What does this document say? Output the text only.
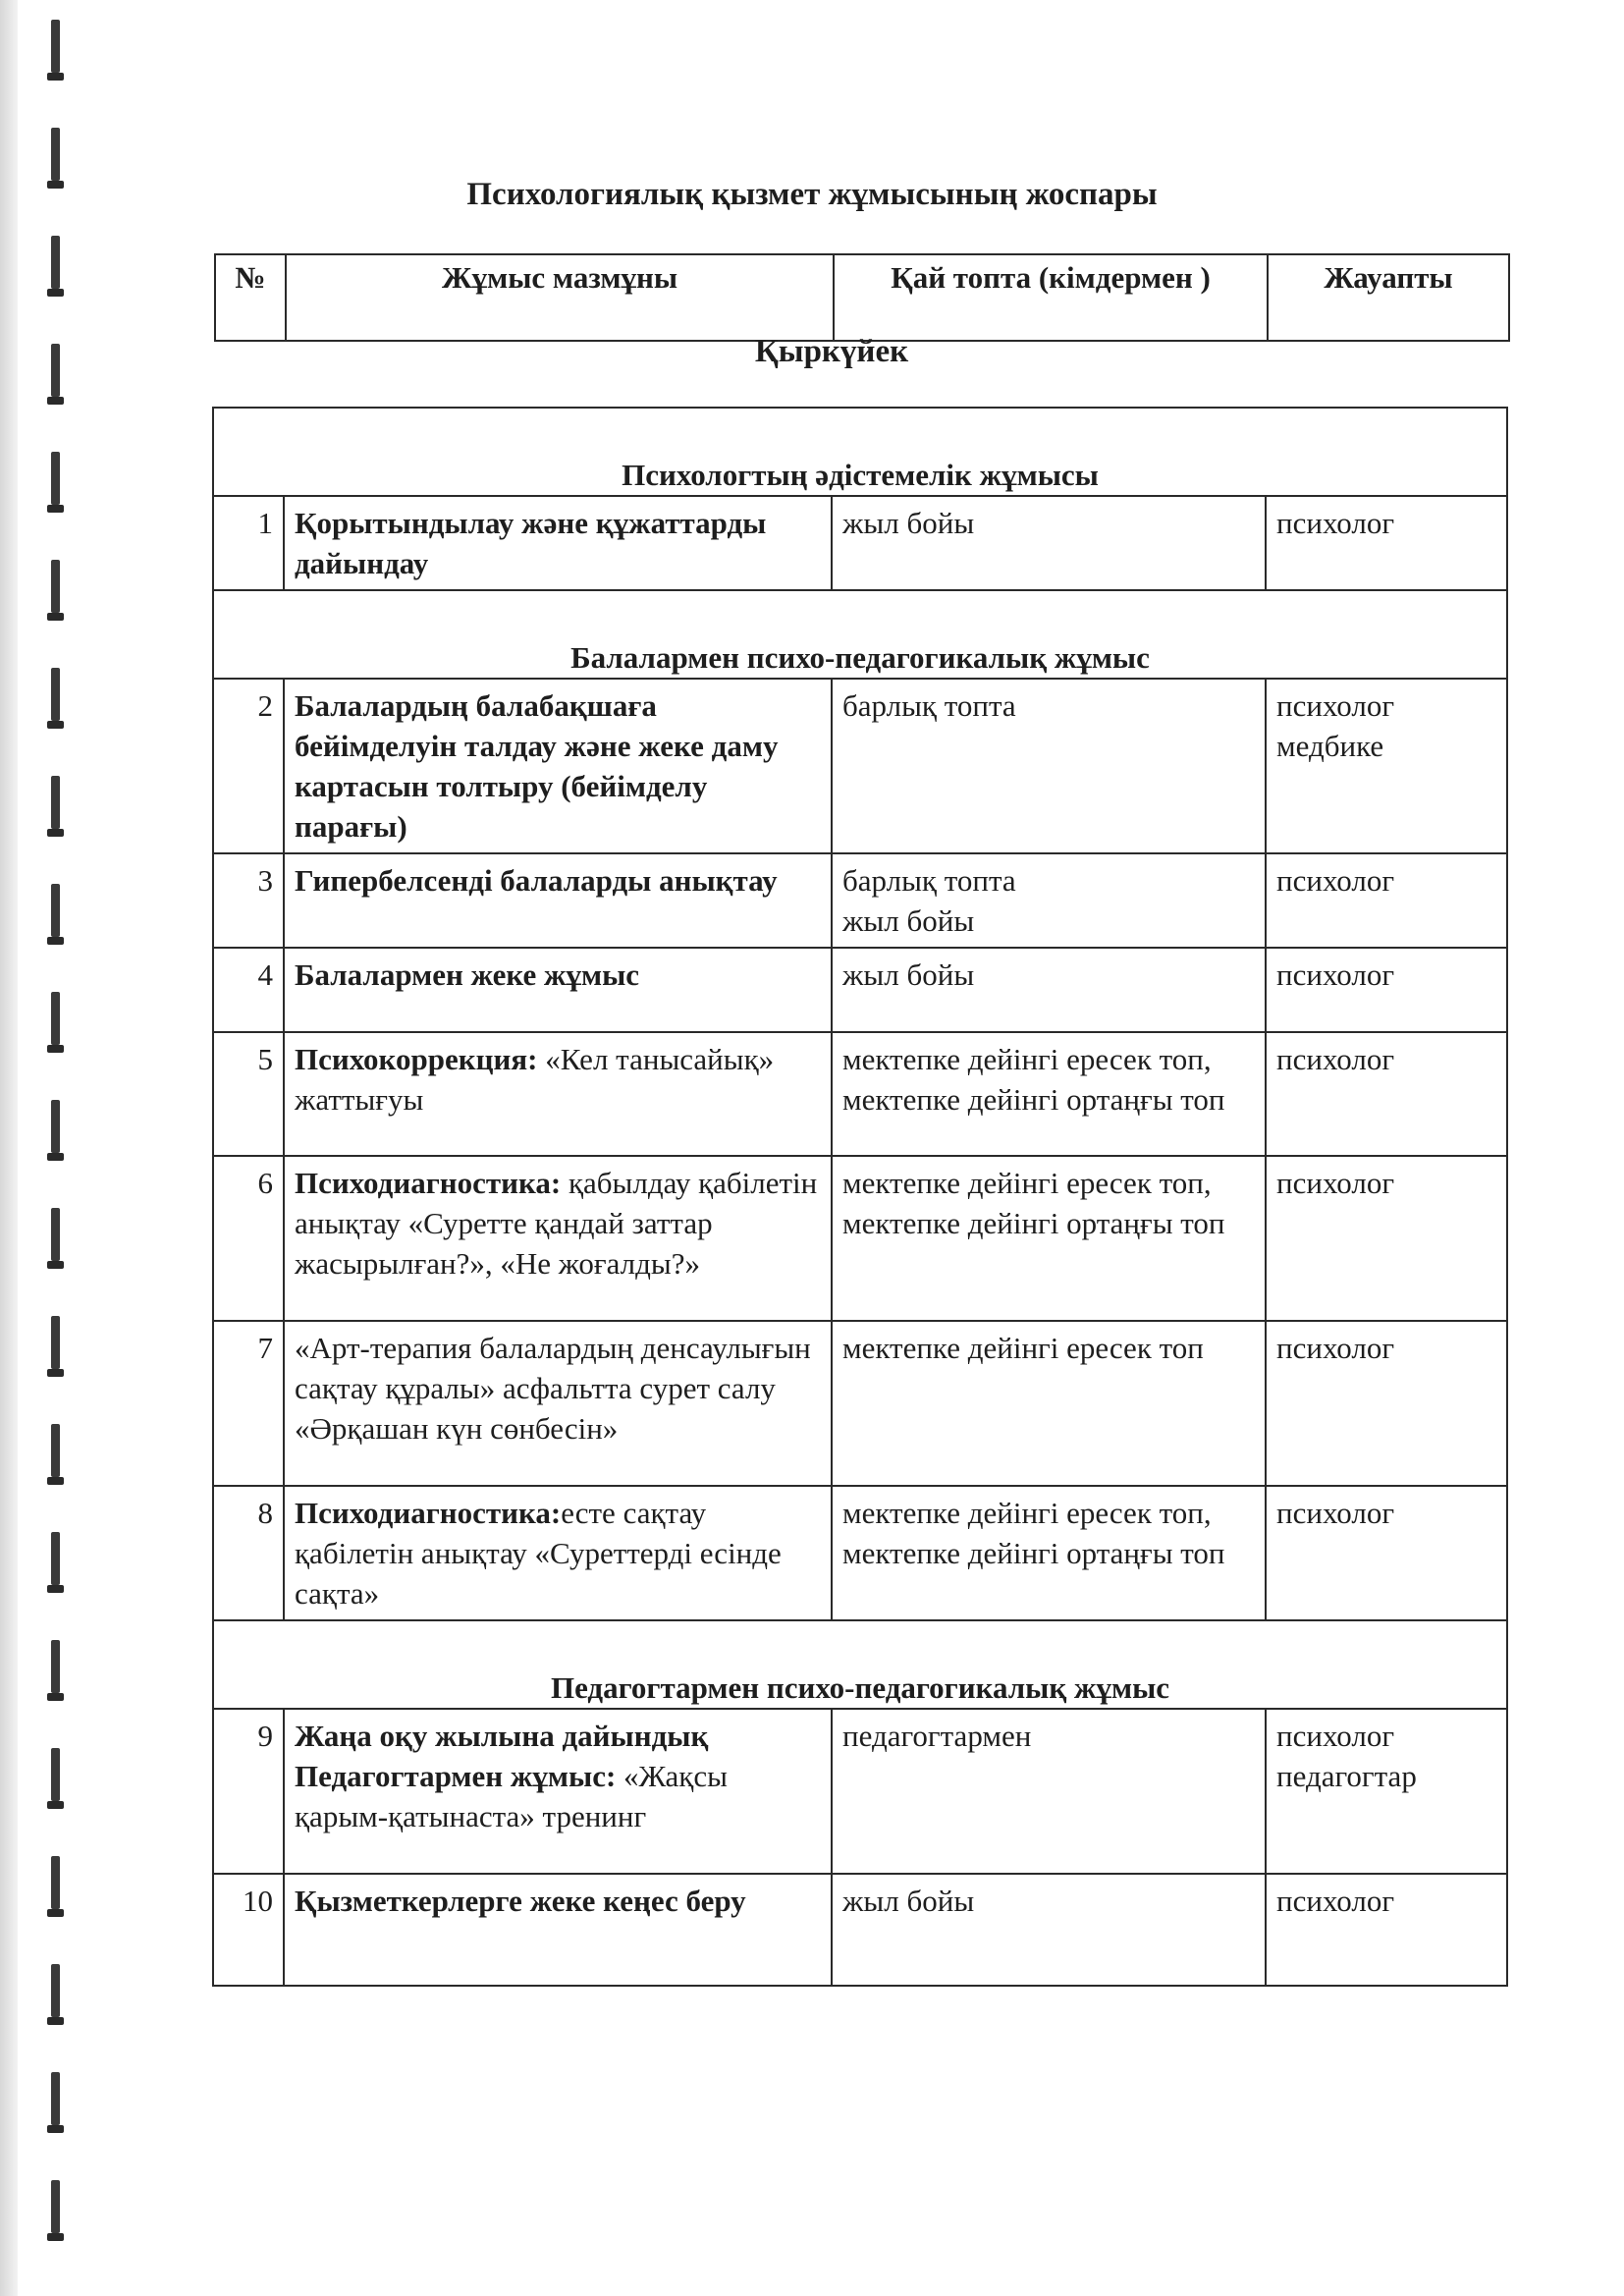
Психологиялық қызмет жұмысының жоспары
№	Жұмыс мазмұны	Қай топта (кімдермен )	Жауапты
Қыркүйек
Психологтың әдістемелік жұмысы			
1	Қорытындылау және құжаттарды дайындау	жыл бойы	психолог
Балалармен психо-педагогикалық жұмыс			
2	Балалардың балабақшаға бейімделуін талдау және жеке даму картасын толтыру (бейімделу парағы)	барлық топта	психолог медбике

3	Гипербелсенді балаларды анықтау	барлық топта жыл бойы	психолог
4	Балалармен жеке жұмыс	жыл бойы	психолог
5	Психокоррекция: «Кел танысайық» жаттығуы	мектепке дейінгі ересек топ, мектепке дейінгі ортаңғы топ	психолог
6	Психодиагностика: қабылдау қабілетін анықтау «Суретте қандай заттар жасырылған?», «Не жоғалды?»	мектепке дейінгі ересек топ, мектепке дейінгі ортаңғы топ	психолог
7	«Арт-терапия балалардың денсаулығын сақтау құралы» асфальтта сурет салу «Әрқашан күн сөнбесін»	мектепке дейінгі ересек топ	психолог
8	Психодиагностика:есте сақтау қабілетін анықтау «Суреттерді есінде сақта»	мектепке дейінгі ересек топ, мектепке дейінгі ортаңғы топ	психолог
Педагогтармен психо-педагогикалық жұмыс			
9	Жаңа оқу жылына дайындық Педагогтармен жұмыс: «Жақсы қарым-қатынаста» тренинг	педагогтармен	психолог педагогтар

10	Қызметкерлерге жеке кеңес беру	жыл бойы	психолог
